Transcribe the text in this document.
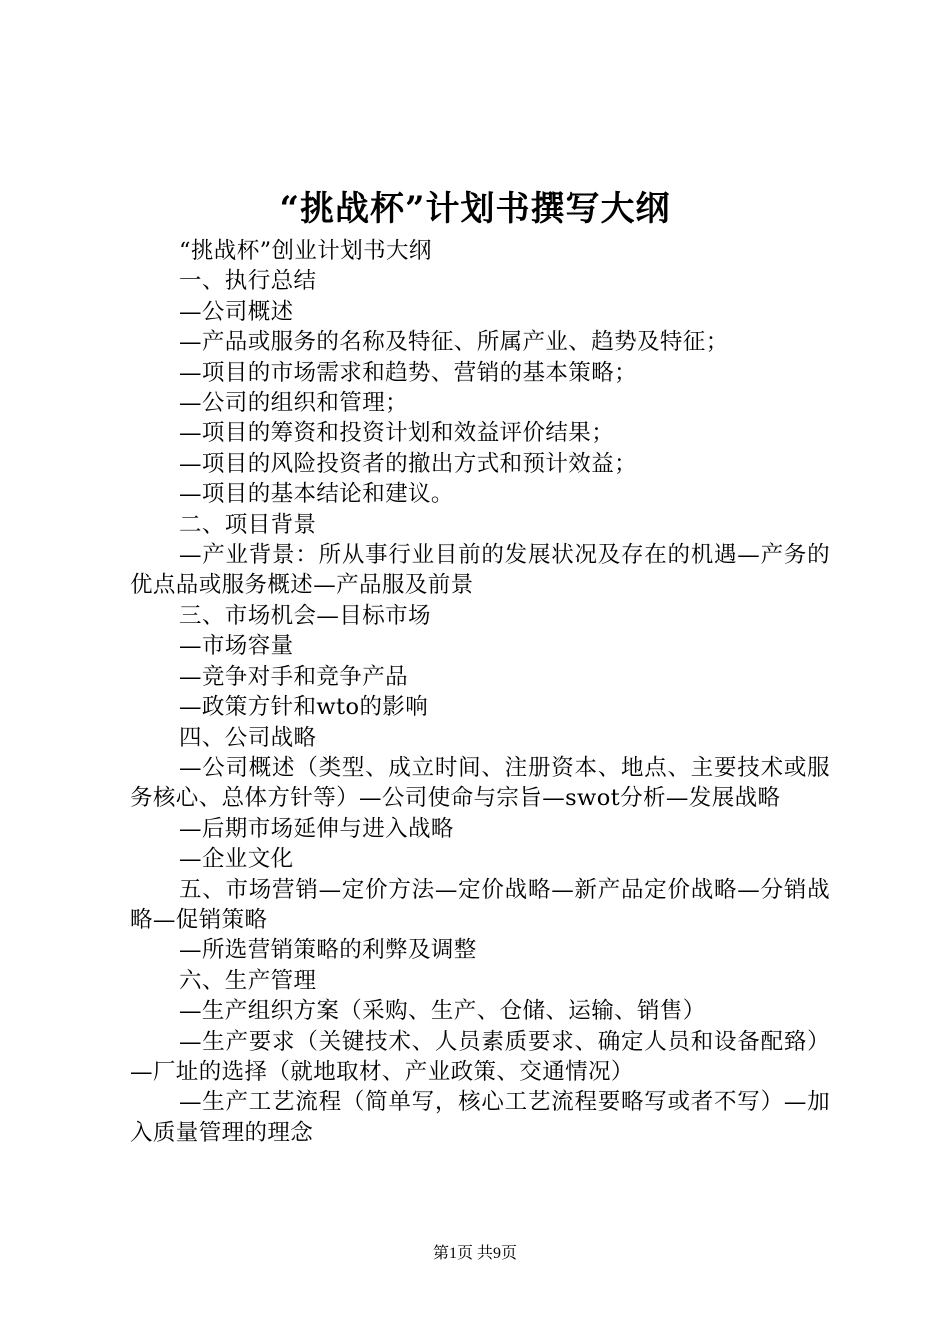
“挑战杯”计划书撰写大纲

“挑战杯”创业计划书大纲

一、执行总结

—公司概述

—产品或服务的名称及特征、所属产业、趋势及特征；

—项目的市场需求和趋势、营销的基本策略；

—公司的组织和管理；

—项目的筹资和投资计划和效益评价结果；

—项目的风险投资者的撤出方式和预计效益；

—项目的基本结论和建议。

二、项目背景

—产业背景：所从事行业目前的发展状况及存在的机遇—产务的优点品或服务概述—产品服及前景

三、市场机会—目标市场

—市场容量

—竞争对手和竞争产品

—政策方针和wto的影响

四、公司战略

—公司概述（类型、成立时间、注册资本、地点、主要技术或服务核心、总体方针等）—公司使命与宗旨—swot分析—发展战略

—后期市场延伸与进入战略

—企业文化

五、市场营销—定价方法—定价战略—新产品定价战略—分销战略—促销策略

—所选营销策略的利弊及调整

六、生产管理

—生产组织方案（采购、生产、仓储、运输、销售）

—生产要求（关键技术、人员素质要求、确定人员和设备配臵）—厂址的选择（就地取材、产业政策、交通情况）

—生产工艺流程（简单写，核心工艺流程要略写或者不写）—加入质量管理的理念

第1页 共9页
